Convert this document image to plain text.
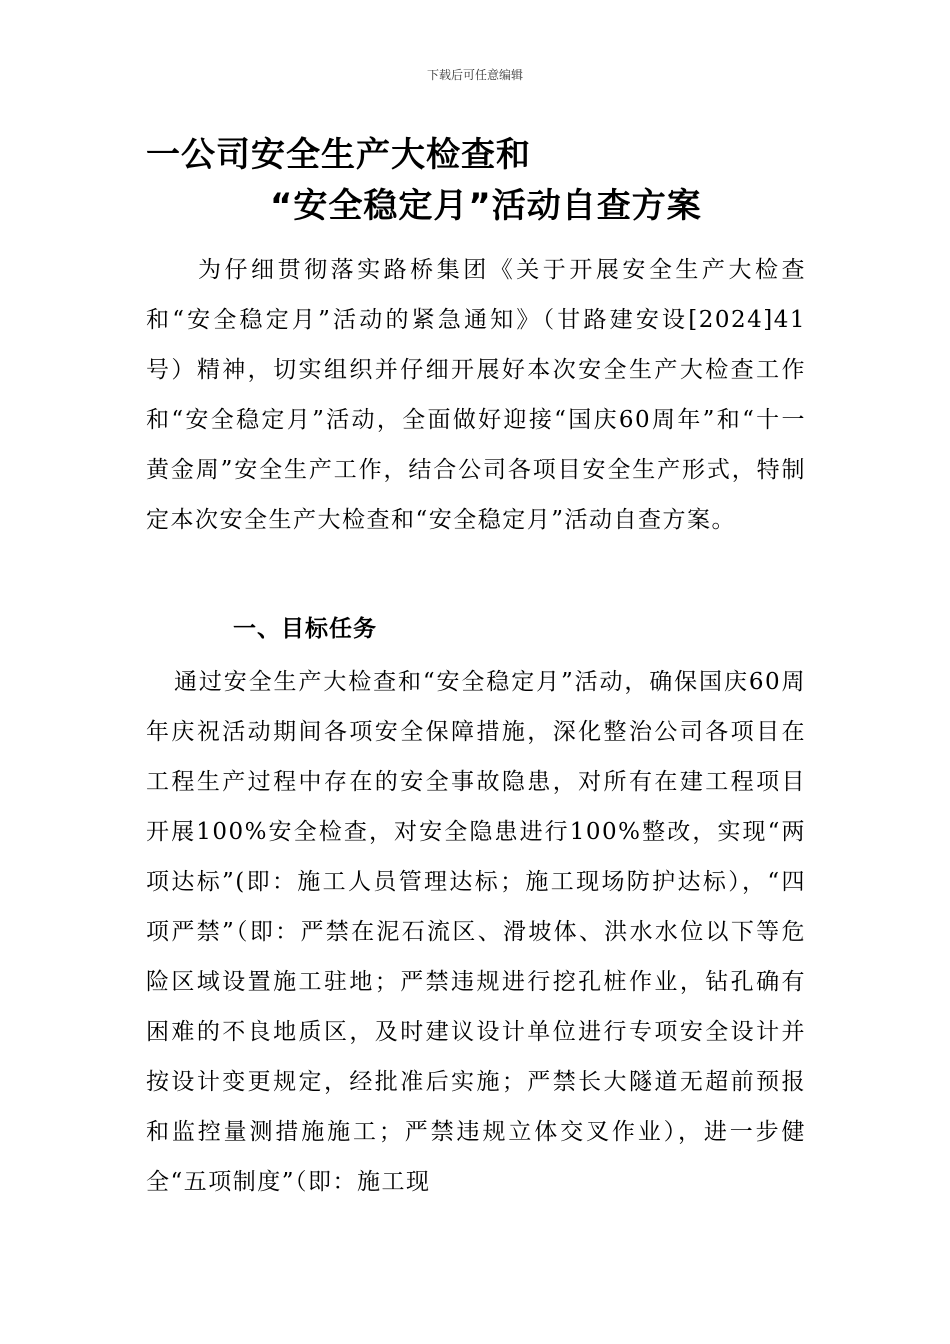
下载后可任意编辑
一公司安全生产大检查和
“安全稳定月”活动自查方案

为仔细贯彻落实路桥集团《关于开展安全生产大检查和“安全稳定月”活动的紧急通知》（甘路建安设[2024]41号）精神，切实组织并仔细开展好本次安全生产大检查工作和“安全稳定月”活动，全面做好迎接“国庆60周年”和“十一黄金周”安全生产工作，结合公司各项目安全生产形式，特制定本次安全生产大检查和“安全稳定月”活动自查方案。

一、目标任务

通过安全生产大检查和“安全稳定月”活动，确保国庆60周年庆祝活动期间各项安全保障措施，深化整治公司各项目在工程生产过程中存在的安全事故隐患，对所有在建工程项目开展100%安全检查，对安全隐患进行100%整改，实现“两项达标”(即：施工人员管理达标；施工现场防护达标），“四项严禁”（即：严禁在泥石流区、滑坡体、洪水水位以下等危险区域设置施工驻地；严禁违规进行挖孔桩作业，钻孔确有困难的不良地质区，及时建议设计单位进行专项安全设计并按设计变更规定，经批准后实施；严禁长大隧道无超前预报和监控量测措施施工；严禁违规立体交叉作业），进一步健全“五项制度”（即：施工现
